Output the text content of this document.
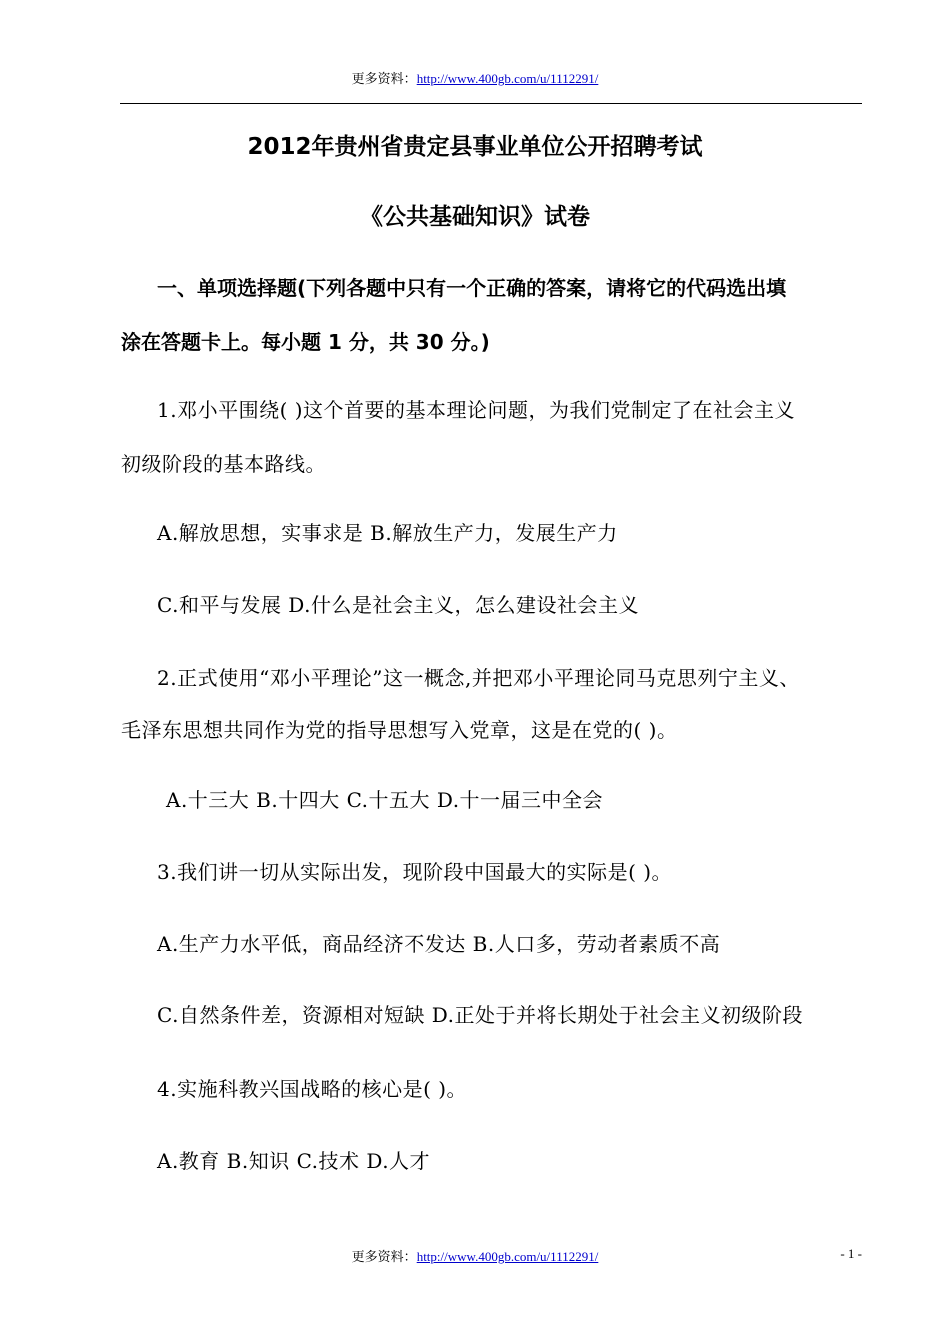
更多资料：http://www.400gb.com/u/1112291/
2012年贵州省贵定县事业单位公开招聘考试
《公共基础知识》试卷
一、单项选择题(下列各题中只有一个正确的答案，请将它的代码选出填
涂在答题卡上。每小题 1 分，共 30 分。)
1.邓小平围绕( )这个首要的基本理论问题，为我们党制定了在社会主义
初级阶段的基本路线。
A.解放思想，实事求是 B.解放生产力，发展生产力
C.和平与发展 D.什么是社会主义，怎么建设社会主义
2.正式使用“邓小平理论”这一概念,并把邓小平理论同马克思列宁主义、
毛泽东思想共同作为党的指导思想写入党章，这是在党的( )。
A.十三大 B.十四大 C.十五大 D.十一届三中全会
3.我们讲一切从实际出发，现阶段中国最大的实际是( )。
A.生产力水平低，商品经济不发达 B.人口多，劳动者素质不高
C.自然条件差，资源相对短缺 D.正处于并将长期处于社会主义初级阶段
4.实施科教兴国战略的核心是( )。
A.教育 B.知识 C.技术 D.人才
更多资料：http://www.400gb.com/u/1112291/	- 1 -
